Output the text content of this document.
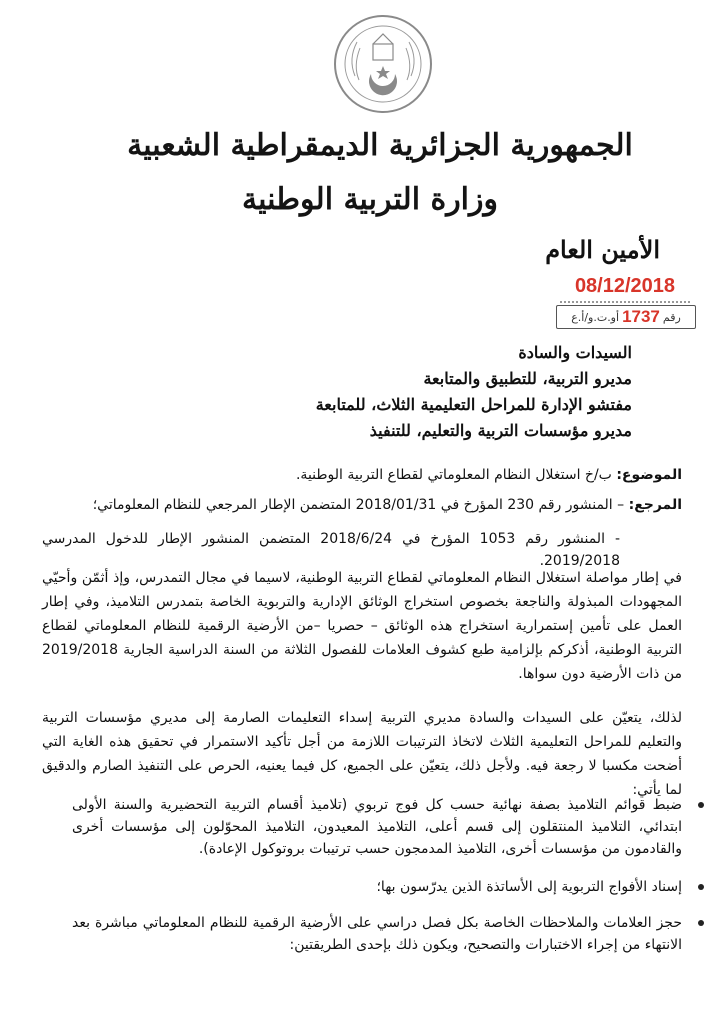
الجمهورية الجزائرية الديمقراطية الشعبية
وزارة التربية الوطنية
الأمين العام
08/12/2018
رقم
1737
أو.ت.و/أ.ع
السيدات والسادة
مديرو التربية، للتطبيق والمتابعة
مفتشو الإدارة للمراحل التعليمية الثلاث، للمتابعة
مديرو مؤسسات التربية والتعليم، للتنفيذ
الموضوع: ب/خ استغلال النظام المعلوماتي لقطاع التربية الوطنية.
المرجع: – المنشور رقم 230 المؤرخ في 2018/01/31 المتضمن الإطار المرجعي للنظام المعلوماتي؛
- المنشور رقم 1053 المؤرخ في 2018/6/24 المتضمن المنشور الإطار للدخول المدرسي 2019/2018.
في إطار مواصلة استغلال النظام المعلوماتي لقطاع التربية الوطنية، لاسيما في مجال التمدرس، وإذ أثمّن وأحيّي المجهودات المبذولة والناجعة بخصوص استخراج الوثائق الإدارية والتربوية الخاصة بتمدرس التلاميذ، وفي إطار العمل على تأمين إستمرارية استخراج هذه الوثائق – حصريا –من الأرضية الرقمية للنظام المعلوماتي لقطاع التربية الوطنية، أذكركم بإلزامية طبع كشوف العلامات للفصول الثلاثة من السنة الدراسية الجارية 2019/2018 من ذات الأرضية دون سواها.
لذلك، يتعيّن على السيدات والسادة مديري التربية إسداء التعليمات الصارمة إلى مديري مؤسسات التربية والتعليم للمراحل التعليمية الثلاث لاتخاذ الترتيبات اللازمة من أجل تأكيد الاستمرار في تحقيق هذه الغاية التي أضحت مكسبا لا رجعة فيه. ولأجل ذلك، يتعيّن على الجميع، كل فيما يعنيه، الحرص على التنفيذ الصارم والدقيق لما يأتي:
ضبط قوائم التلاميذ بصفة نهائية حسب كل فوج تربوي (تلاميذ أقسام التربية التحضيرية والسنة الأولى ابتدائي، التلاميذ المنتقلون إلى قسم أعلى، التلاميذ المعيدون، التلاميذ المحوّلون إلى مؤسسات أخرى والقادمون من مؤسسات أخرى، التلاميذ المدمجون حسب ترتيبات بروتوكول الإعادة).
إسناد الأفواج التربوية إلى الأساتذة الذين يدرّسون بها؛
حجز العلامات والملاحظات الخاصة بكل فصل دراسي على الأرضية الرقمية للنظام المعلوماتي مباشرة بعد الانتهاء من إجراء الاختبارات والتصحيح، ويكون ذلك بإحدى الطريقتين:
